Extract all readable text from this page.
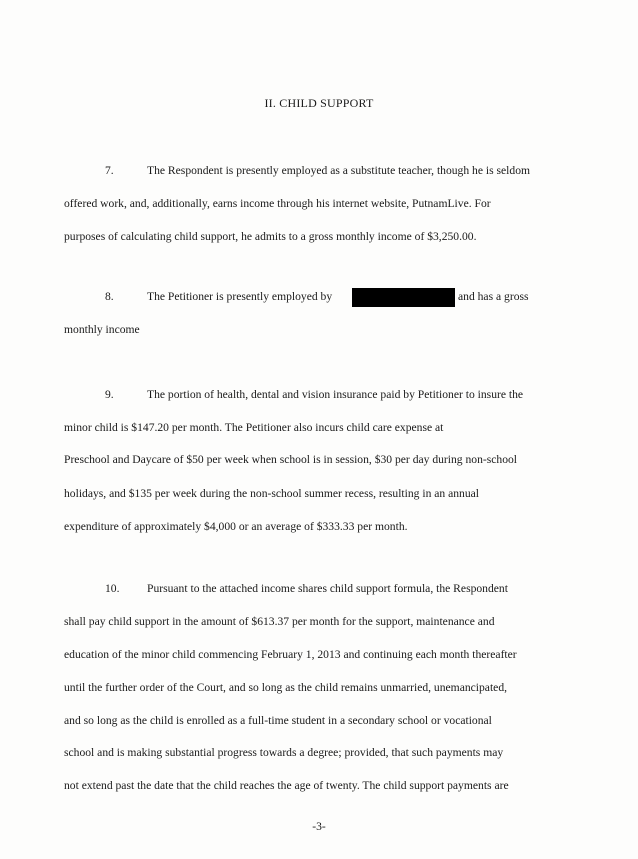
II. CHILD SUPPORT
7.	The Respondent is presently employed as a substitute teacher, though he is seldom
offered work, and, additionally, earns income through his internet website, PutnamLive. For
purposes of calculating child support, he admits to a gross monthly income of $3,250.00.
8.	The Petitioner is presently employed by	and has a gross
monthly income
9.	The portion of health, dental and vision insurance paid by Petitioner to insure the
minor child is $147.20 per month. The Petitioner also incurs child care expense at
Preschool and Daycare of $50 per week when school is in session, $30 per day during non-school
holidays, and $135 per week during the non-school summer recess, resulting in an annual
expenditure of approximately $4,000 or an average of $333.33 per month.
10. Pursuant to the attached income shares child support formula, the Respondent
shall pay child support in the amount of $613.37 per month for the support, maintenance and
education of the minor child commencing February 1, 2013 and continuing each month thereafter
until the further order of the Court, and so long as the child remains unmarried, unemancipated,
and so long as the child is enrolled as a full-time student in a secondary school or vocational
school and is making substantial progress towards a degree; provided, that such payments may
not extend past the date that the child reaches the age of twenty. The child support payments are
-3-
